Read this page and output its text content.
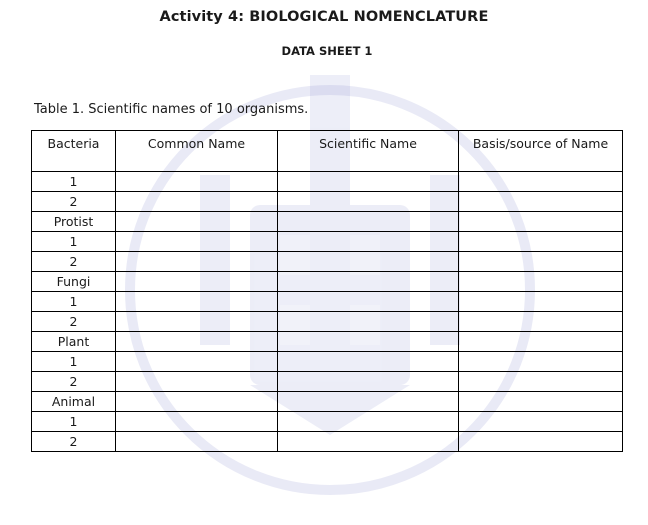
Activity 4: BIOLOGICAL NOMENCLATURE
DATA SHEET 1
Table 1. Scientific names of 10 organisms.
Bacteria	Common Name	Scientific Name	Basis/source of Name
1			
2			
Protist			
1			
2			
Fungi			
1			
2			
Plant			
1			
2			
Animal			
1			
2			
